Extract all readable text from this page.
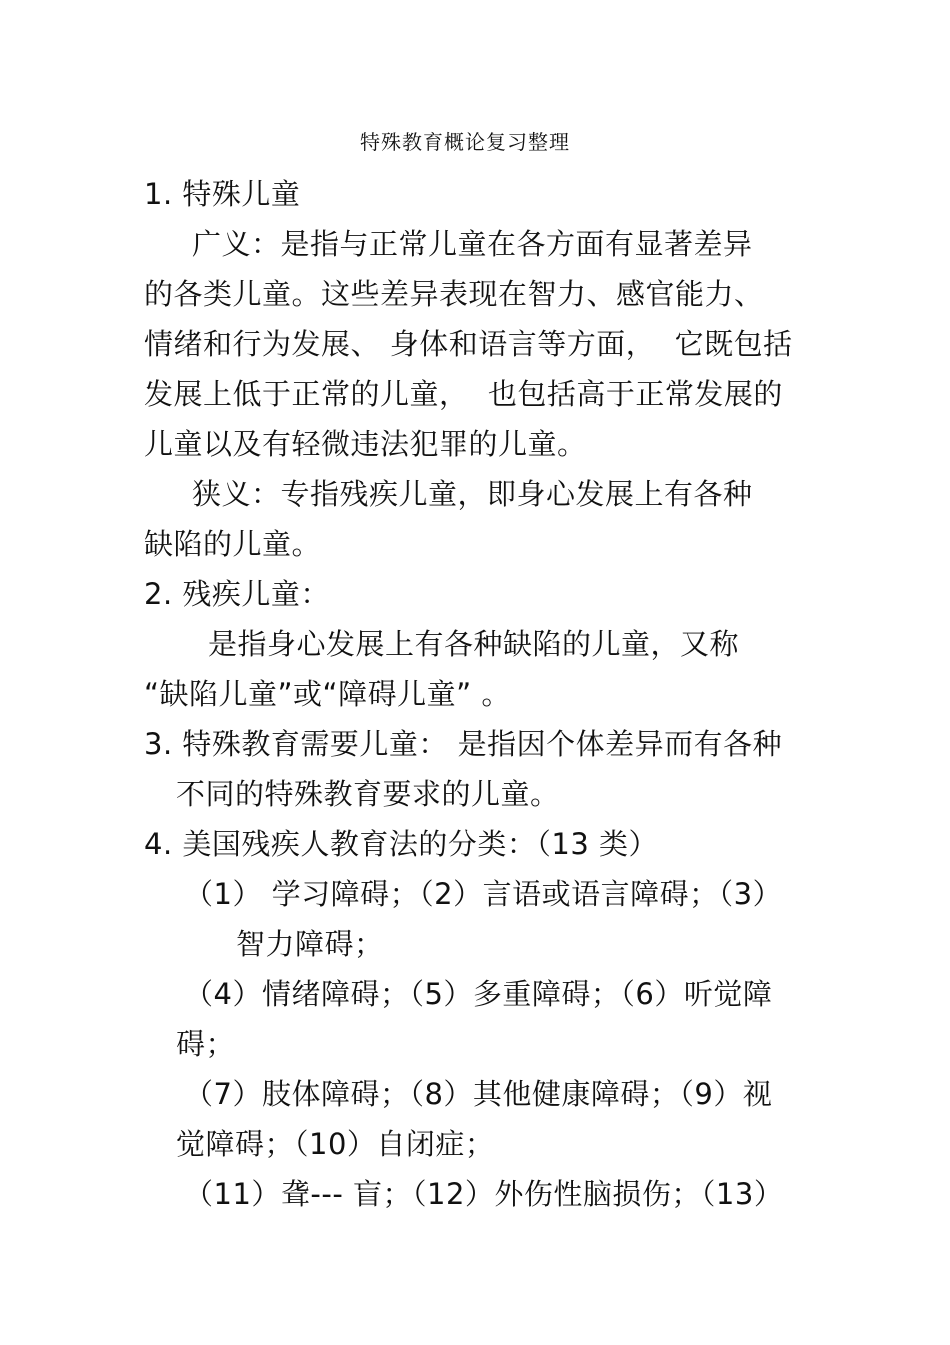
特殊教育概论复习整理
1. 特殊儿童
广义：是指与正常儿童在各方面有显著差异
的各类儿童。这些差异表现在智力、感官能力、
情绪和行为发展、 身体和语言等方面，  它既包括
发展上低于正常的儿童，  也包括高于正常发展的
儿童以及有轻微违法犯罪的儿童。
狭义：专指残疾儿童，即身心发展上有各种
缺陷的儿童。
2. 残疾儿童：
是指身心发展上有各种缺陷的儿童，又称
“缺陷儿童”或“障碍儿童” 。
3. 特殊教育需要儿童： 是指因个体差异而有各种
不同的特殊教育要求的儿童。
4. 美国残疾人教育法的分类：（13 类）
（1） 学习障碍；（2）言语或语言障碍；（3）
智力障碍；
（4）情绪障碍；（5）多重障碍；（6）听觉障
碍；
（7）肢体障碍；（8）其他健康障碍；（9）视
觉障碍；（10）自闭症；
（11）聋--- 盲；（12）外伤性脑损伤；（13）
